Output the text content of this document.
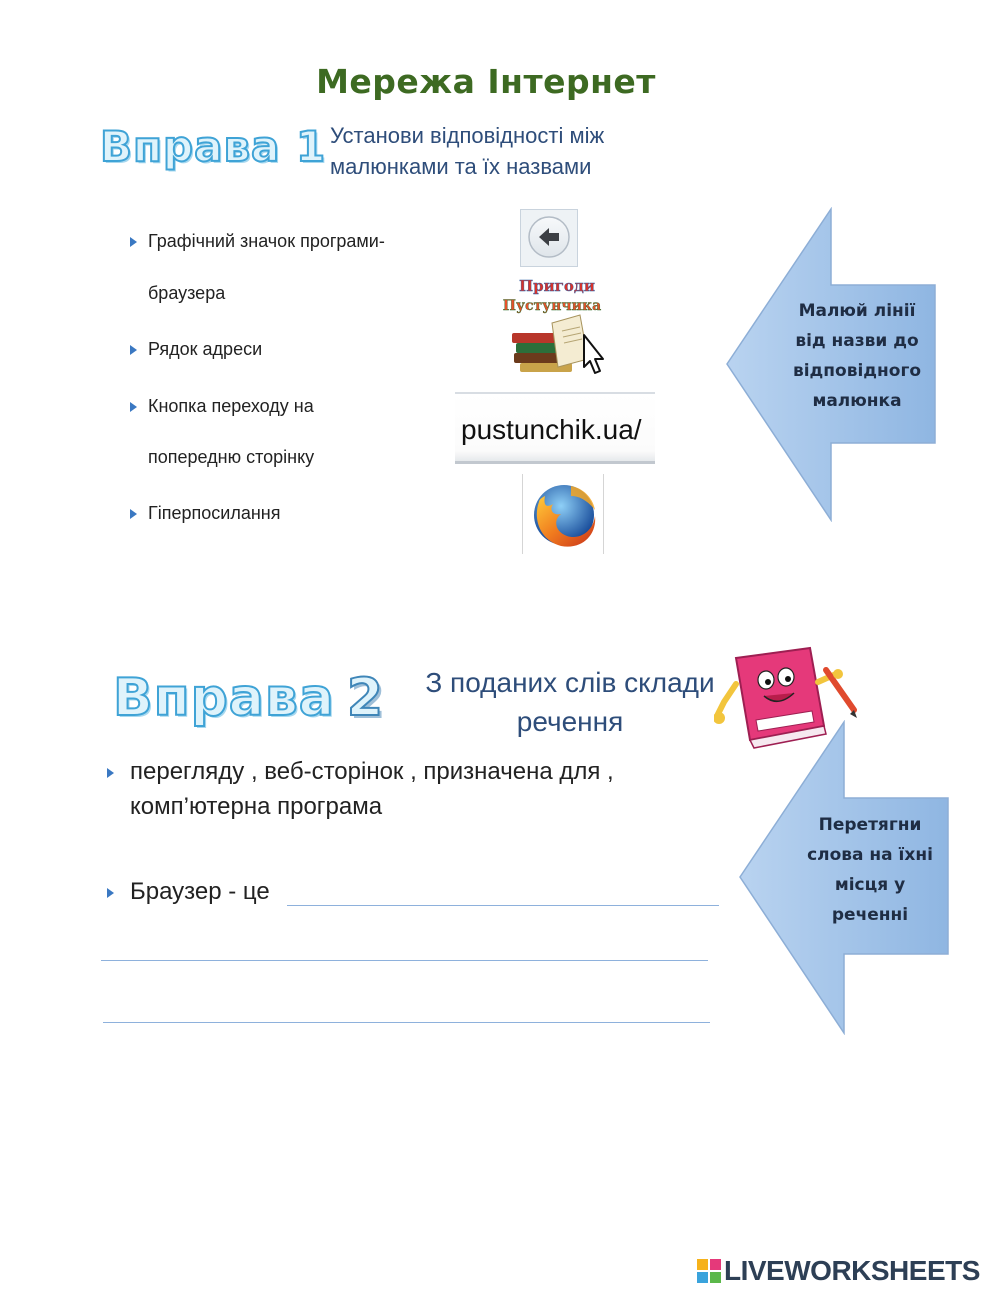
Мережа Інтернет
Вправа 1 Установи відповідності між
малюнками та їх назвами
Графічний значок програми-
браузера
Рядок адреси
Кнопка переходу на
попередню сторінку
Гіперпосилання
Пригоди
Пустунчика
pustunchik.ua/
Малюй лінії
від назви до
відповідного
малюнка
Вправа 2	З поданих слів склади
речення
перегляду , веб-сторінок , призначена для ,
комп’ютерна програма
Браузер - це
Перетягни
слова на їхні
місця у
реченні
LIVEWORKSHEETS
